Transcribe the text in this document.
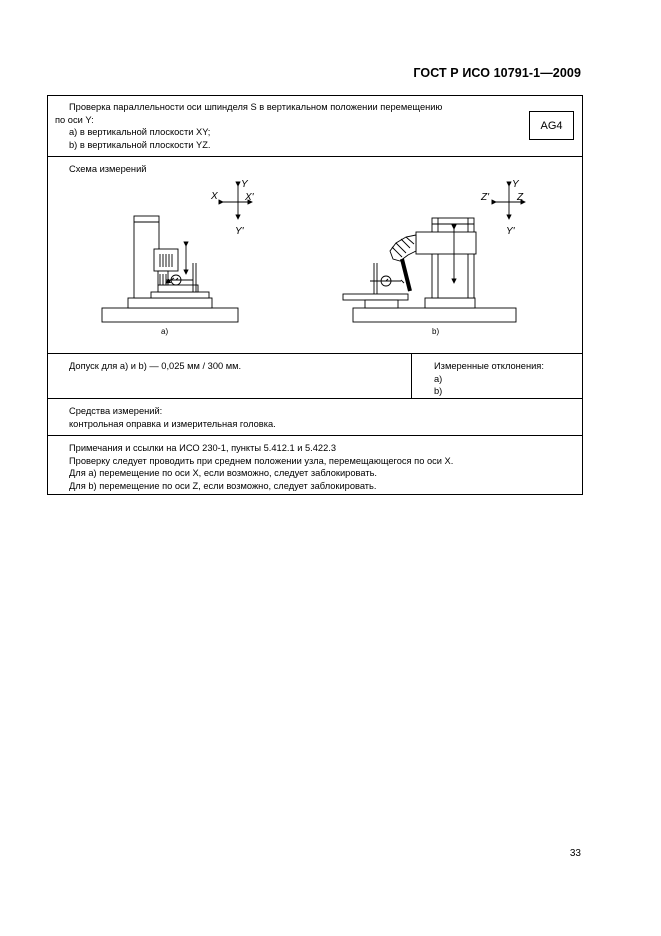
ГОСТ Р ИСО 10791-1—2009
Проверка параллельности оси шпинделя S в вертикальном положении перемещению
по оси Y:
a) в вертикальной плоскости XY;
b) в вертикальной плоскости YZ.
AG4
Схема измерений
X	X'
Y
Y'
Z'	Z
Y
Y'
a)	b)
Допуск для a) и b) — 0,025 мм / 300 мм.	Измеренные отклонения:
a)
b)
Средства измерений:
контрольная оправка и измерительная головка.
Примечания и ссылки на ИСО 230-1, пункты 5.412.1 и 5.422.3
Проверку следует проводить при среднем положении узла, перемещающегося по оси X.
Для a) перемещение по оси X, если возможно, следует заблокировать.
Для b) перемещение по оси Z, если возможно, следует заблокировать.
33
